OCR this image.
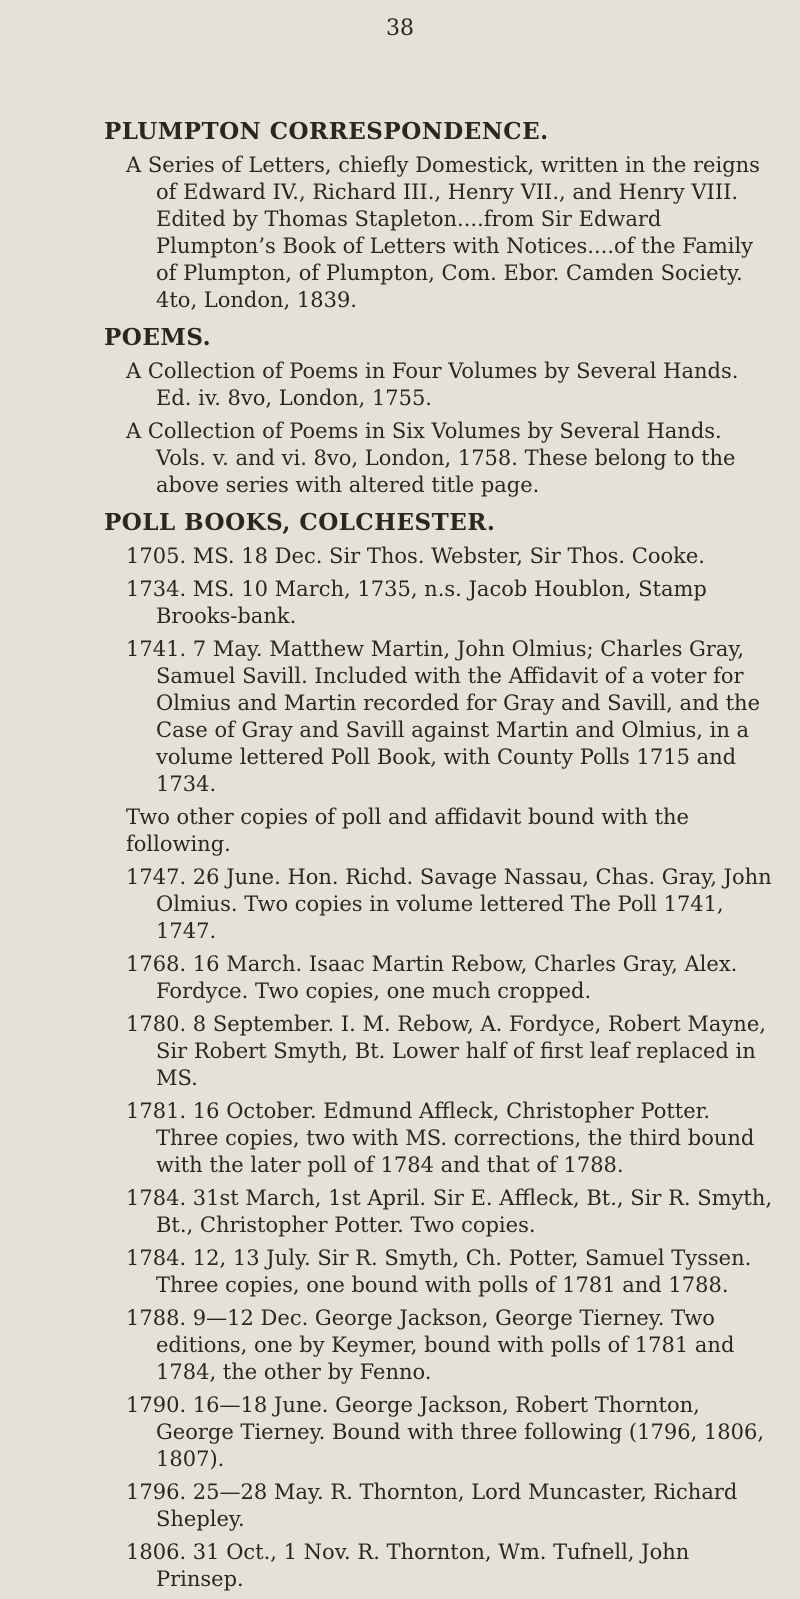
38
PLUMPTON CORRESPONDENCE.

A Series of Letters, chiefly Domestick, written in the reigns of Edward IV., Richard III., Henry VII., and Henry VIII. Edited by Thomas Stapleton....from Sir Edward Plumpton’s Book of Letters with Notices....of the Family of Plumpton, of Plumpton, Com. Ebor. Camden Society. 4to, London, 1839.

POEMS.

A Collection of Poems in Four Volumes by Several Hands. Ed. iv. 8vo, London, 1755.

A Collection of Poems in Six Volumes by Several Hands. Vols. v. and vi. 8vo, London, 1758. These belong to the above series with altered title page.

POLL BOOKS, COLCHESTER.

1705. MS. 18 Dec. Sir Thos. Webster, Sir Thos. Cooke.

1734. MS. 10 March, 1735, n.s. Jacob Houblon, Stamp Brooks-bank.

1741. 7 May. Matthew Martin, John Olmius; Charles Gray, Samuel Savill. Included with the Affidavit of a voter for Olmius and Martin recorded for Gray and Savill, and the Case of Gray and Savill against Martin and Olmius, in a volume lettered Poll Book, with County Polls 1715 and 1734.

Two other copies of poll and affidavit bound with the following.

1747. 26 June. Hon. Richd. Savage Nassau, Chas. Gray, John Olmius. Two copies in volume lettered The Poll 1741, 1747.

1768. 16 March. Isaac Martin Rebow, Charles Gray, Alex. Fordyce. Two copies, one much cropped.

1780. 8 September. I. M. Rebow, A. Fordyce, Robert Mayne, Sir Robert Smyth, Bt. Lower half of first leaf replaced in MS.

1781. 16 October. Edmund Affleck, Christopher Potter. Three copies, two with MS. corrections, the third bound with the later poll of 1784 and that of 1788.

1784. 31st March, 1st April. Sir E. Affleck, Bt., Sir R. Smyth, Bt., Christopher Potter. Two copies.

1784. 12, 13 July. Sir R. Smyth, Ch. Potter, Samuel Tyssen. Three copies, one bound with polls of 1781 and 1788.

1788. 9—12 Dec. George Jackson, George Tierney. Two editions, one by Keymer, bound with polls of 1781 and 1784, the other by Fenno.

1790. 16—18 June. George Jackson, Robert Thornton, George Tierney. Bound with three following (1796, 1806, 1807).

1796. 25—28 May. R. Thornton, Lord Muncaster, Richard Shepley.

1806. 31 Oct., 1 Nov. R. Thornton, Wm. Tufnell, John Prinsep.
